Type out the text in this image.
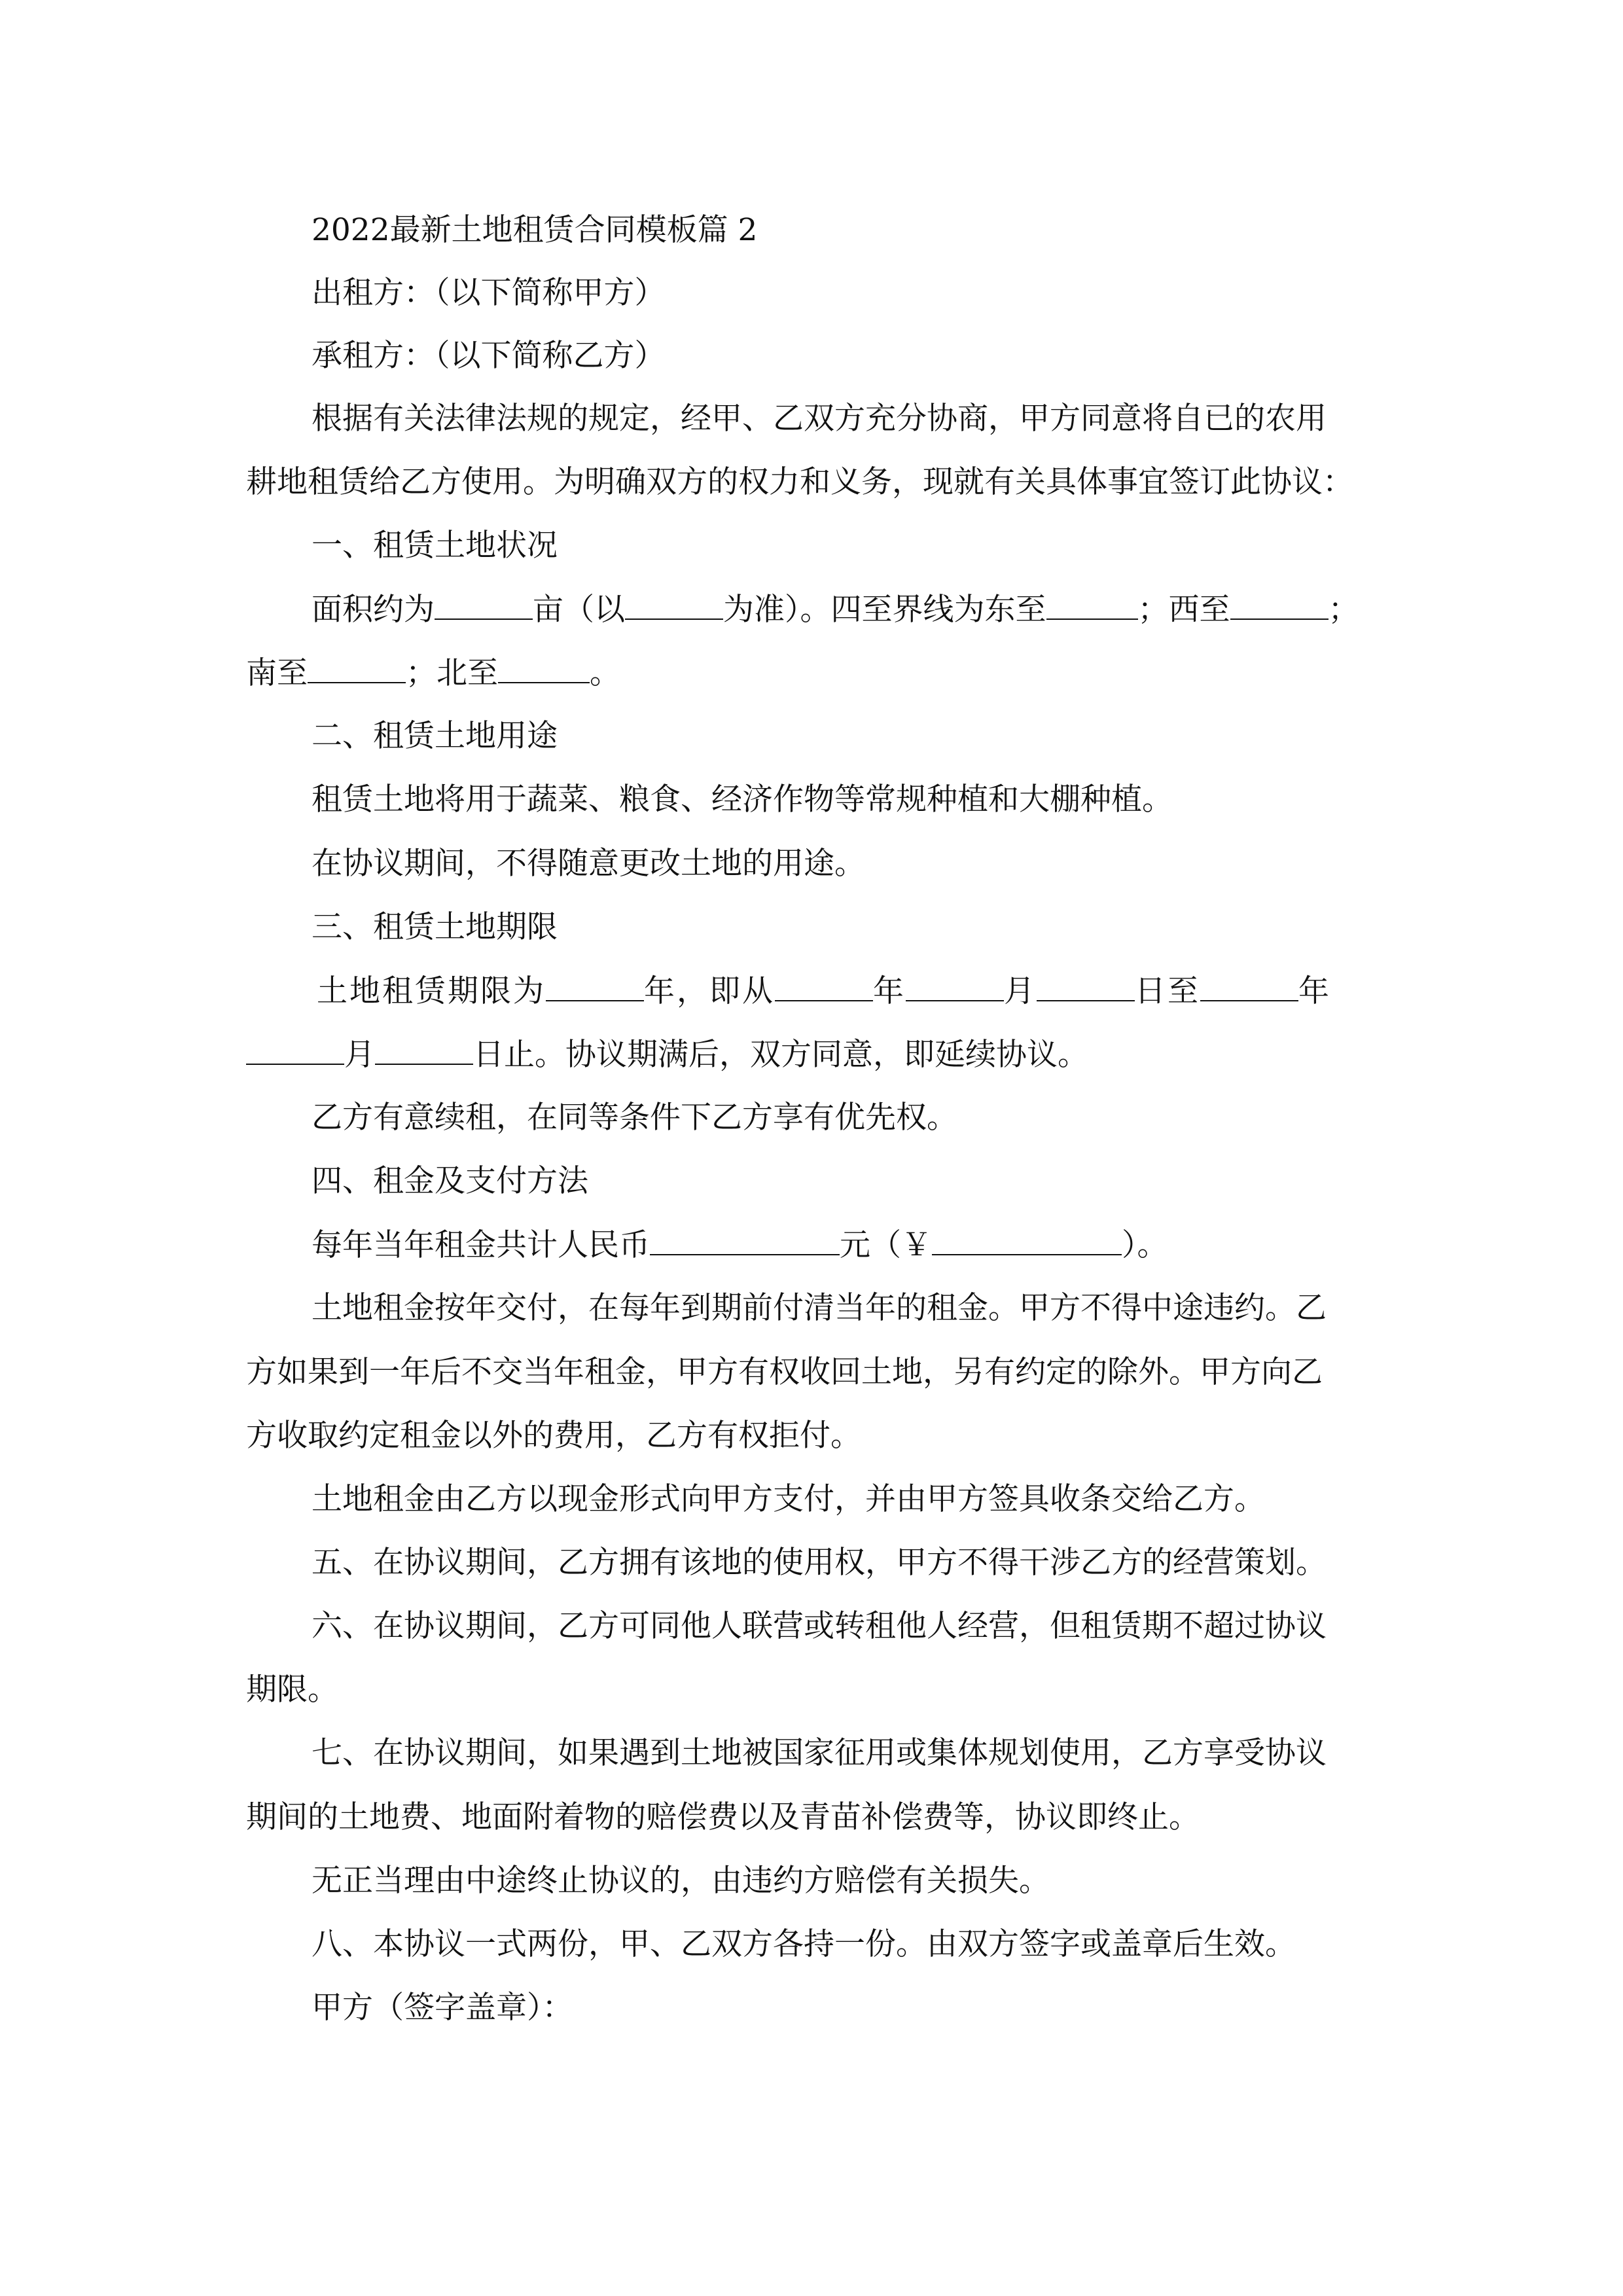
2022最新土地租赁合同模板篇 2
出租方：（以下简称甲方）
承租方：（以下简称乙方）
根据有关法律法规的规定，经甲、乙双方充分协商，甲方同意将自已的农用
耕地租赁给乙方使用。为明确双方的权力和义务，现就有关具体事宜签订此协议：
一、租赁土地状况
面积约为	亩（以	为准）。四至界线为东至	；西至	；
南至	；北至	。
二、租赁土地用途
租赁土地将用于蔬菜、粮食、经济作物等常规种植和大棚种植。
在协议期间，不得随意更改土地的用途。
三、租赁土地期限
土地租赁期限为	年，即从	年	月	日至	年
月	日止。协议期满后，双方同意，即延续协议。
乙方有意续租，在同等条件下乙方享有优先权。
四、租金及支付方法
每年当年租金共计人民币	元（￥	）。
土地租金按年交付，在每年到期前付清当年的租金。甲方不得中途违约。乙
方如果到一年后不交当年租金，甲方有权收回土地，另有约定的除外。甲方向乙
方收取约定租金以外的费用，乙方有权拒付。
土地租金由乙方以现金形式向甲方支付，并由甲方签具收条交给乙方。
五、在协议期间，乙方拥有该地的使用权，甲方不得干涉乙方的经营策划。
六、在协议期间，乙方可同他人联营或转租他人经营，但租赁期不超过协议
期限。
七、在协议期间，如果遇到土地被国家征用或集体规划使用，乙方享受协议
期间的土地费、地面附着物的赔偿费以及青苗补偿费等，协议即终止。
无正当理由中途终止协议的，由违约方赔偿有关损失。
八、本协议一式两份，甲、乙双方各持一份。由双方签字或盖章后生效。
甲方（签字盖章）：
